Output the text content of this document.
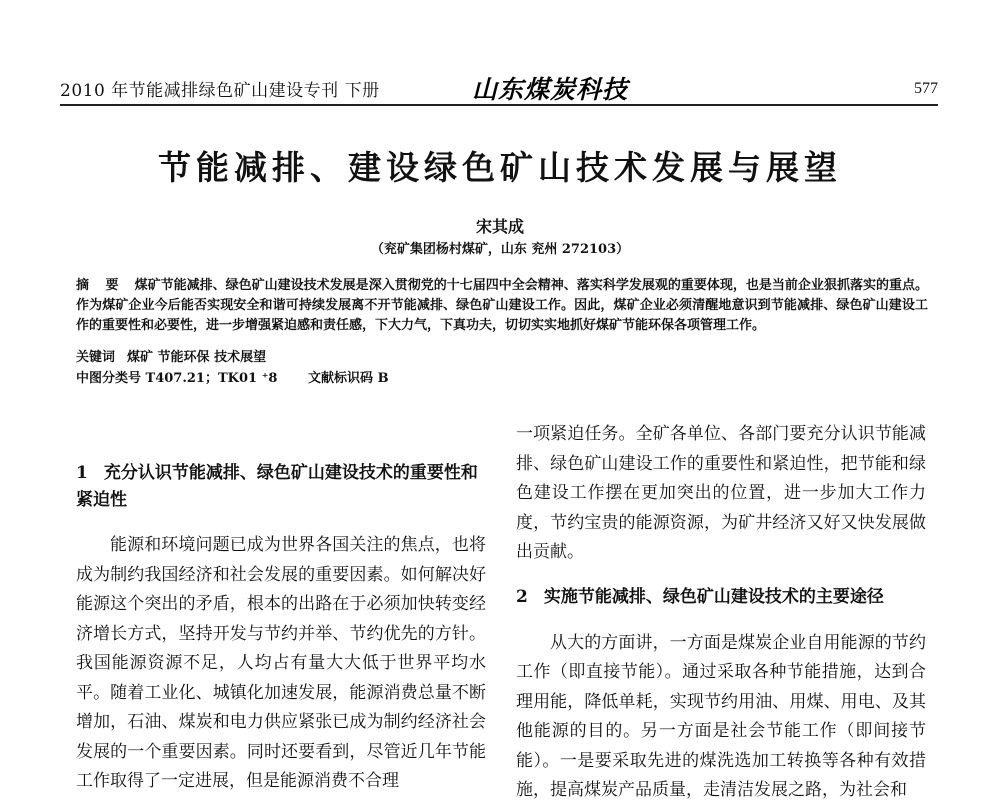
2010 年节能减排绿色矿山建设专刊 下册	山东煤炭科技	577
节能减排、建设绿色矿山技术发展与展望
宋其成
（兖矿集团杨村煤矿，山东 兖州 272103）
摘 要 煤矿节能减排、绿色矿山建设技术发展是深入贯彻党的十七届四中全会精神、落实科学发展观的重要体现，也是当前企业狠抓落实的重点。作为煤矿企业今后能否实现安全和谐可持续发展离不开节能减排、绿色矿山建设工作。因此，煤矿企业必须清醒地意识到节能减排、绿色矿山建设工作的重要性和必要性，进一步增强紧迫感和责任感，下大力气，下真功夫，切切实实地抓好煤矿节能环保各项管理工作。
关键词 煤矿 节能环保 技术展望
中图分类号 T407.21；TK01 ⁺8 文献标识码 B
1 充分认识节能减排、绿色矿山建设技术的重要性和紧迫性

能源和环境问题已成为世界各国关注的焦点，也将成为制约我国经济和社会发展的重要因素。如何解决好能源这个突出的矛盾，根本的出路在于必须加快转变经济增长方式，坚持开发与节约并举、节约优先的方针。我国能源资源不足，人均占有量大大低于世界平均水平。随着工业化、城镇化加速发展，能源消费总量不断增加，石油、煤炭和电力供应紧张已成为制约经济社会发展的一个重要因素。同时还要看到，尽管近几年节能工作取得了一定进展，但是能源消费不合理

一项紧迫任务。全矿各单位、各部门要充分认识节能减排、绿色矿山建设工作的重要性和紧迫性，把节能和绿色建设工作摆在更加突出的位置，进一步加大工作力度，节约宝贵的能源资源，为矿井经济又好又快发展做出贡献。

2 实施节能减排、绿色矿山建设技术的主要途径

从大的方面讲，一方面是煤炭企业自用能源的节约工作（即直接节能）。通过采取各种节能措施，达到合理用能，降低单耗，实现节约用油、用煤、用电、及其他能源的目的。另一方面是社会节能工作（即间接节能）。一是要采取先进的煤洗选加工转换等各种有效措施，提高煤炭产品质量，走清洁发展之路，为社会和
